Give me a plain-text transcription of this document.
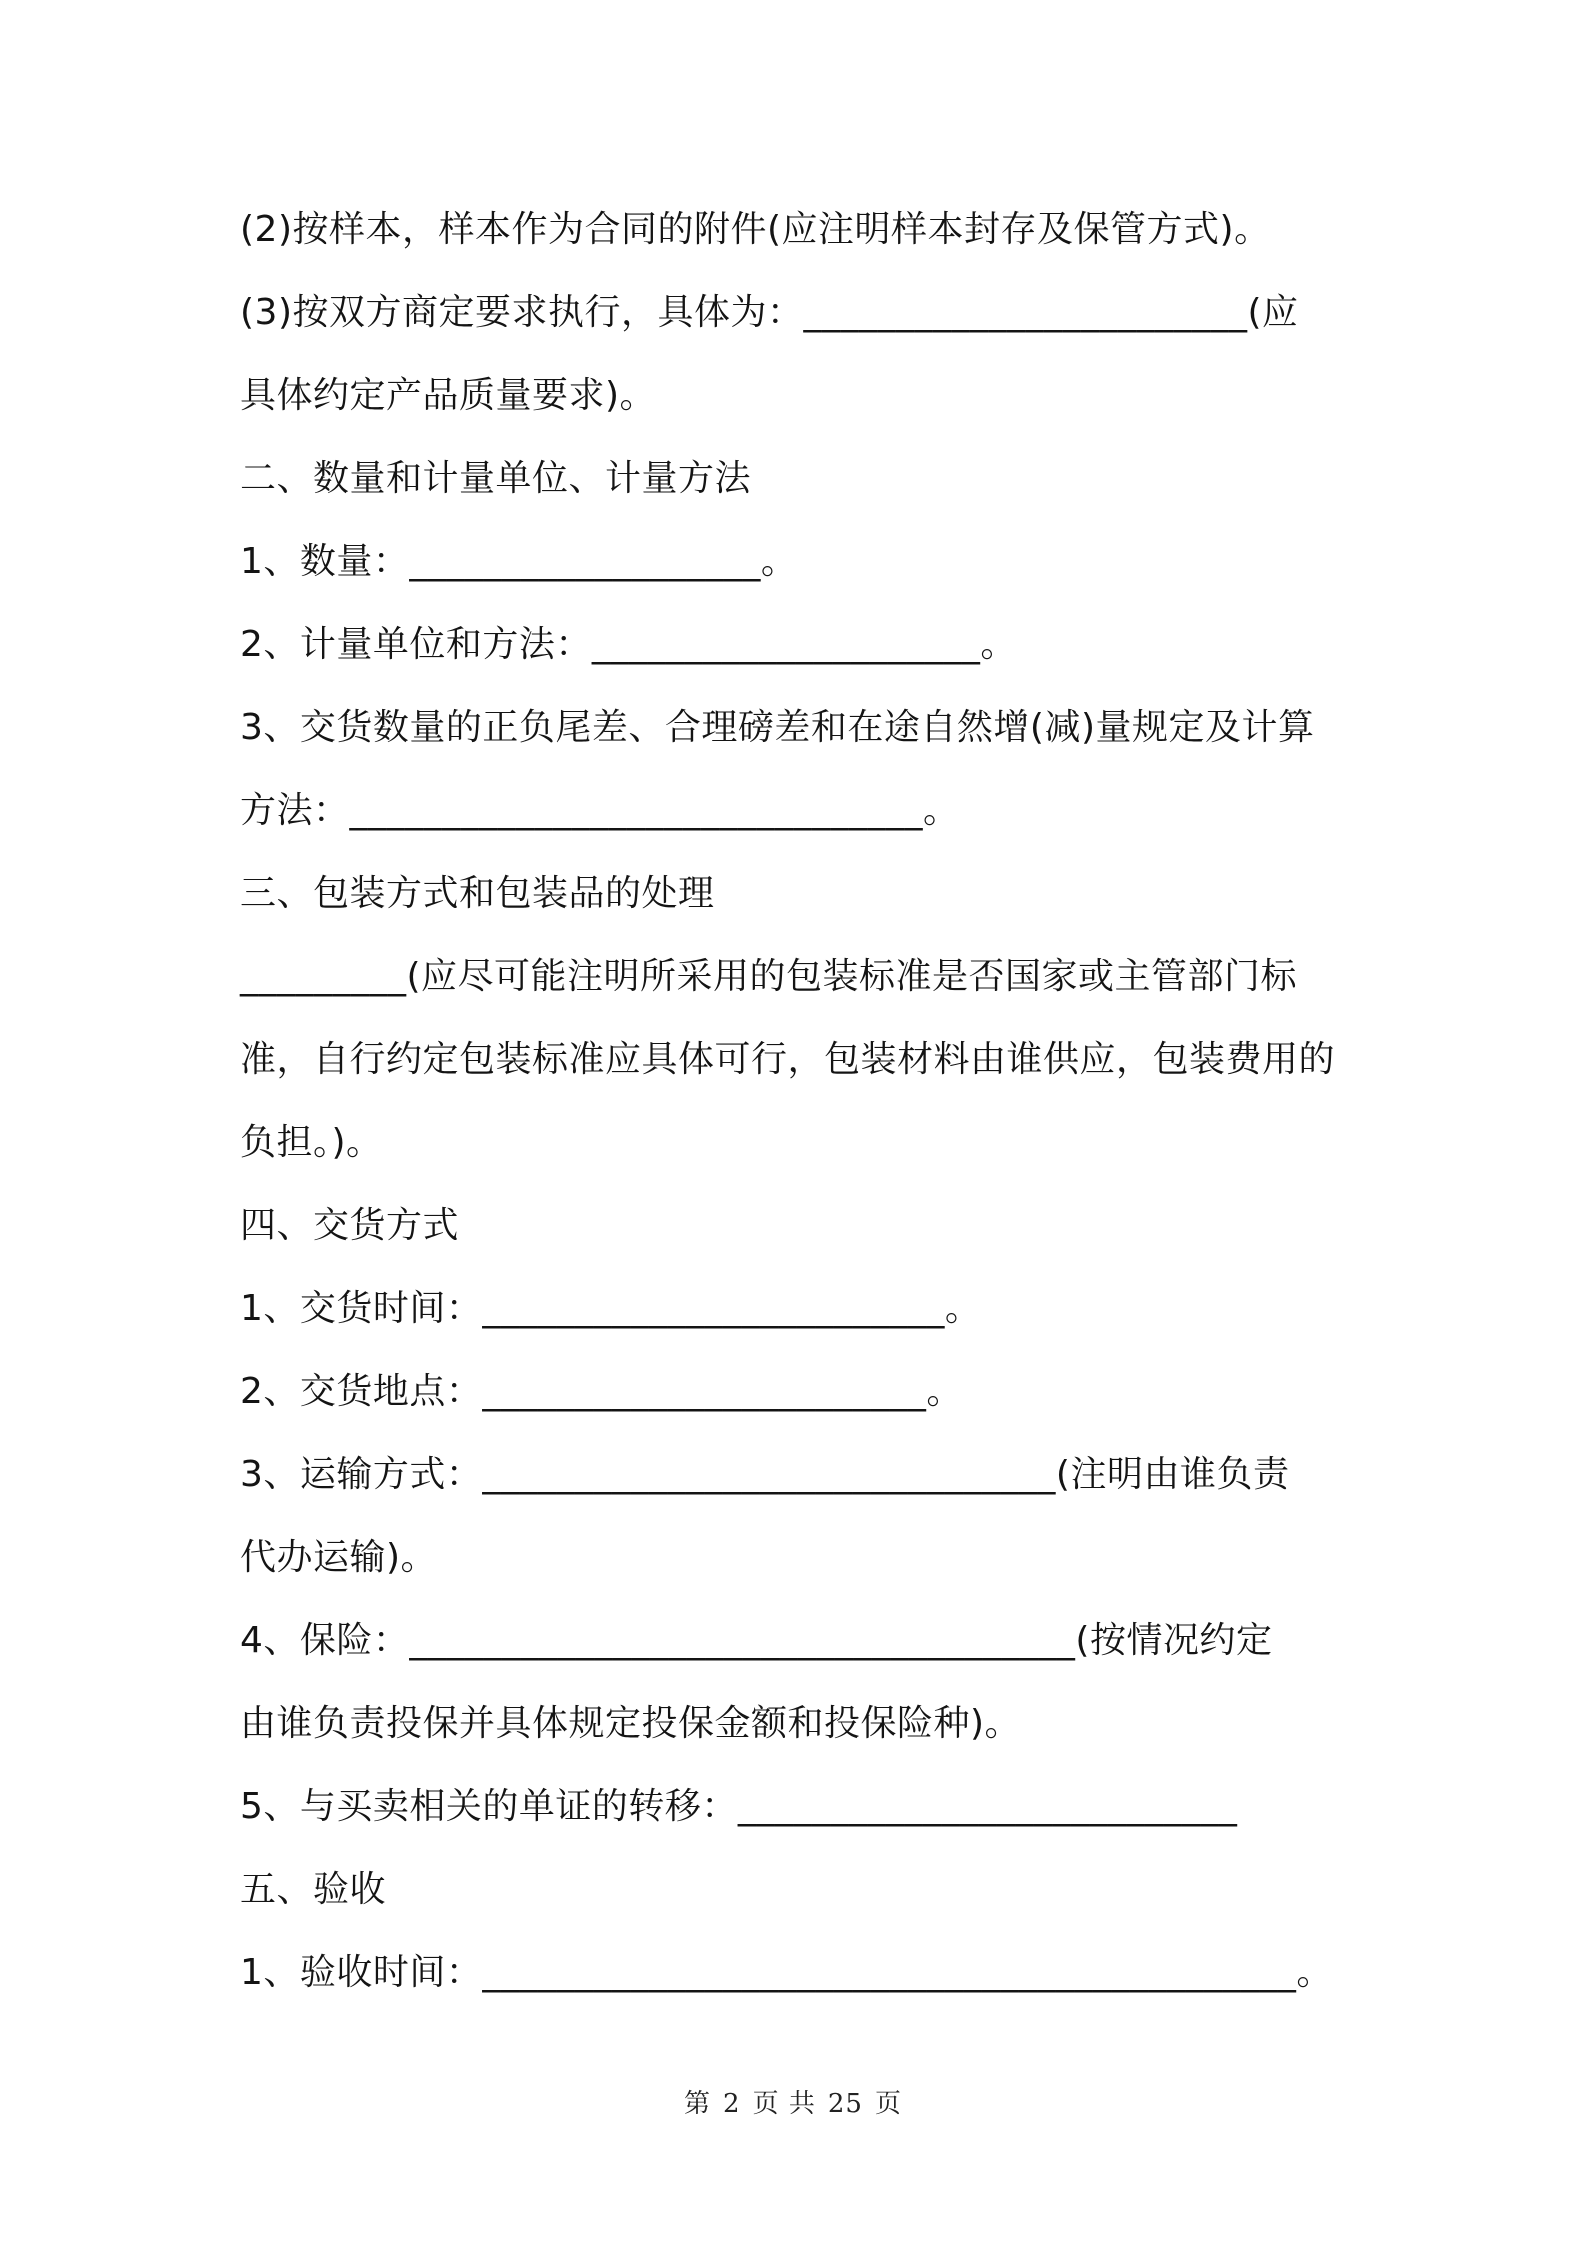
(2)按样本，样本作为合同的附件(应注明样本封存及保管方式)。
(3)按双方商定要求执行，具体为：________________________(应
具体约定产品质量要求)。
二、数量和计量单位、计量方法
1、数量：___________________。
2、计量单位和方法：_____________________。
3、交货数量的正负尾差、合理磅差和在途自然增(减)量规定及计算
方法：_______________________________。
三、包装方式和包装品的处理
_________(应尽可能注明所采用的包装标准是否国家或主管部门标
准，自行约定包装标准应具体可行，包装材料由谁供应，包装费用的
负担。)。
四、交货方式
1、交货时间：_________________________。
2、交货地点：________________________。
3、运输方式：_______________________________(注明由谁负责
代办运输)。
4、保险：____________________________________(按情况约定
由谁负责投保并具体规定投保金额和投保险种)。
5、与买卖相关的单证的转移：___________________________
五、验收
1、验收时间：____________________________________________。
第 2 页 共 25 页
